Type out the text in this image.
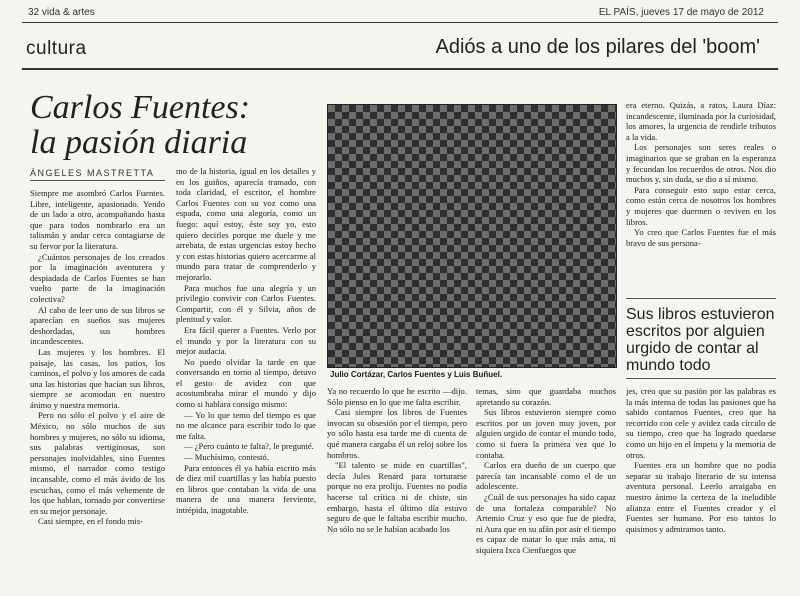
32 vida & artes	EL PAÍS, jueves 17 de mayo de 2012
cultura	Adiós a uno de los pilares del 'boom'
Carlos Fuentes:
la pasión diaria
ÁNGELES MASTRETTA

Siempre me asombró Carlos Fuentes. Libre, inteligente, apasionado. Yendo de un lado a otro, acompañando hasta que para todos nombrarlo era un talismán y andar cerca contagiarse de su fervor por la literatura.

¿Cuántos personajes de los creados por la imaginación aventurera y despiadada de Carlos Fuentes se han vuelto parte de la imaginación colectiva?

Al cabo de leer uno de sus libros se aparecían en sueños sus mujeres deshordadas, sus hombres incandescentes.

Las mujeres y los hombres. El paisaje, las casas, los patios, los caminos, el polvo y los amores de cada una las historias que hacían sus libros, siempre se acomodan en nuestro ánimo y nuestra memoria.

Pero no sólo el polvo y el aire de México, no sólo muchos de sus hombres y mujeres, no sólo su idioma, sus palabras vertiginosas, son personajes inolvidables, sino Fuentes mismo, el narrador como testigo incansable, como el más ávido de los escuchas, como el más vehemente de los que hablan, tornado por convertirse en su mejor personaje.

Casi siempre, en el fondo mis-

mo de la historia, igual en los detalles y en los guiños, aparecía tramado, con toda claridad, el escritor, el hombre Carlos Fuentes con su voz como una espada, como una alegoría, como un fuego: aquí estoy, éste soy yo, esto quiero decirles porque me duele y me arrebata, de estas urgencias estoy hecho y con estas historias quiero acercarme al mundo para tratar de comprenderlo y mejorarlo.

Para muchos fue una alegría y un privilegio convivir con Carlos Fuentes. Compartir, con él y Silvia, años de plenitud y valor.

Era fácil querer a Fuentes. Verlo por el mundo y por la literatura con su mejor audacia.

No puedo olvidar la tarde en que conversando en torno al tiempo, detuvo el gesto de avidez con que acostumbraba mirar el mundo y dijo como si hablara consigo mismo:

— Yo lo que temo del tiempo es que no me alcance para escribir todo lo que me falta.

— ¿Pero cuánto te falta?, le pregunté.

— Muchísimo, contestó.

Para entonces él ya había escrito más de diez mil cuartillas y las había puesto en libros que contaban la vida de una manera de una manera ferviente, intrépida, inagotable.

Julio Cortázar, Carlos Fuentes y Luis Buñuel.

Ya no recuerdo lo que he escrito —dijo. Sólo pienso en lo que me falta escribir.

Casi siempre los libros de Fuentes invocan su obsesión por el tiempo, pero yo sólo hasta esa tarde me di cuenta de qué manera cargaba él un reloj sobre los hombros.

"El talento se mide en cuartillas", decía Jules Renard para torturarse porque no era prolijo. Fuentes no podía hacerse tal crítica ni de chiste, sin embargo, hasta el último día estuvo seguro de que le faltaba escribir mucho. No sólo no se le habían acabado los

temas, sino que guardaba muchos apretando su corazón.

Sus libros estuvieron siempre como escritos por un joven muy joven, por alguien urgido de contar el mundo todo, como si fuera la primera vez que lo contaba.

Carlos era dueño de un cuerpo que parecía tan incansable como el de un adolescente.

¿Cuál de sus personajes ha sido capaz de una fortaleza comparable? No Artemio Cruz y eso que fue de piedra, ni Aura que en su afán por asir el tiempo es capaz de matar lo que más ama, ni siquiera Ixca Cienfuegos que

era eterno. Quizás, a ratos, Laura Díaz: incandescente, iluminada por la curiosidad, los amores, la urgencia de rendirle tributos a la vida.

Los personajes son seres reales o imaginarios que se graban en la esperanza y fecundan los recuerdos de otros. Nos dio muchos y, sin duda, se dio a sí mismo.

Para conseguir esto supo estar cerca, como están cerca de nosotros los hombres y mujeres que duermen o reviven en los libros.

Yo creo que Carlos Fuentes fue el más bravo de sus persona-

Sus libros estuvieron escritos por alguien urgido de contar al mundo todo

jes, creo que su pasión por las palabras es la más intensa de todas las pasiones que ha sabido contarnos Fuentes, creo que ha recorrido con cele y avidez cada círculo de su tiempo, creo que ha logrado quedarse como un hijo en el ímpetu y la memoria de otros.

Fuentes era un hombre que no podía separar su trabajo literario de su intensa aventura personal. Leerlo arraigaba en nuestro ánimo la certeza de la ineludible alianza entre el Fuentes creador y el Fuentes ser humano. Por eso tantos lo quisimos y admiramos tanto.
